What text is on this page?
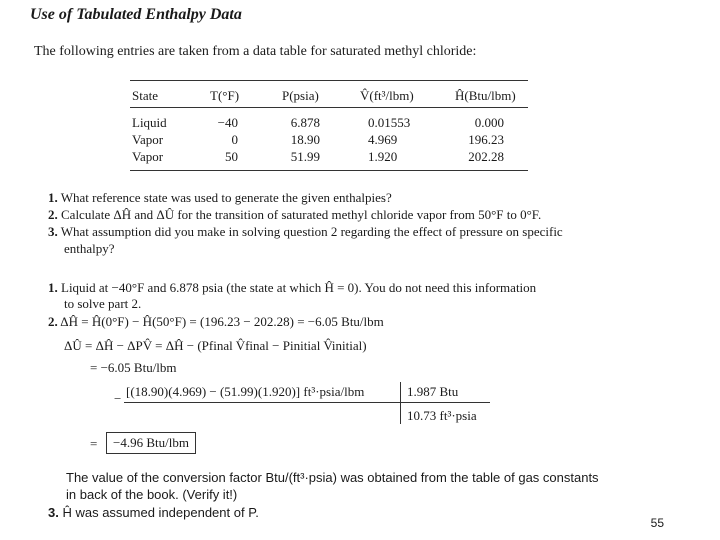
Use of Tabulated Enthalpy Data
The following entries are taken from a data table for saturated methyl chloride:
State	T(°F)	P(psia)	V̂(ft³/lbm)	Ĥ(Btu/lbm)
Liquid	−40	6.878	0.01553	0.000
Vapor	0	18.90	4.969	196.23
Vapor	50	51.99	1.920	202.28
1. What reference state was used to generate the given enthalpies?
2. Calculate ΔĤ and ΔÛ for the transition of saturated methyl chloride vapor from 50°F to 0°F.
3. What assumption did you make in solving question 2 regarding the effect of pressure on specific
enthalpy?
1. Liquid at −40°F and 6.878 psia (the state at which Ĥ = 0). You do not need this information
to solve part 2.
2. ΔĤ = Ĥ(0°F) − Ĥ(50°F) = (196.23 − 202.28) = −6.05 Btu/lbm
ΔÛ = ΔĤ − ΔPV̂ = ΔĤ − (Pfinal V̂final − Pinitial V̂initial)
= −6.05 Btu/lbm
− [(18.90)(4.969) − (51.99)(1.920)] ft³·psia/lbm	1.987 Btu
10.73 ft³·psia
=	−4.96 Btu/lbm
The value of the conversion factor Btu/(ft³·psia) was obtained from the table of gas constants
in back of the book. (Verify it!)
3. Ĥ was assumed independent of P.
55
